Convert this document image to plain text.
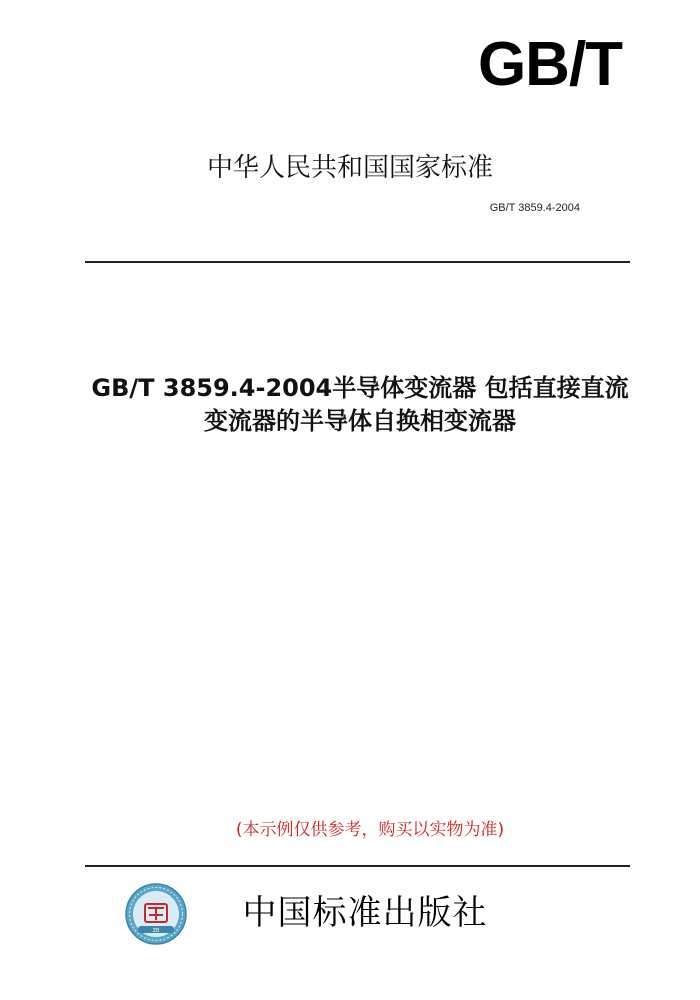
GB/T
中华人民共和国国家标准
GB/T 3859.4-2004
GB/T 3859.4-2004半导体变流器 包括直接直流
变流器的半导体自换相变流器
(本示例仅供参考，购买以实物为准)
ZB	中国标准出版社
